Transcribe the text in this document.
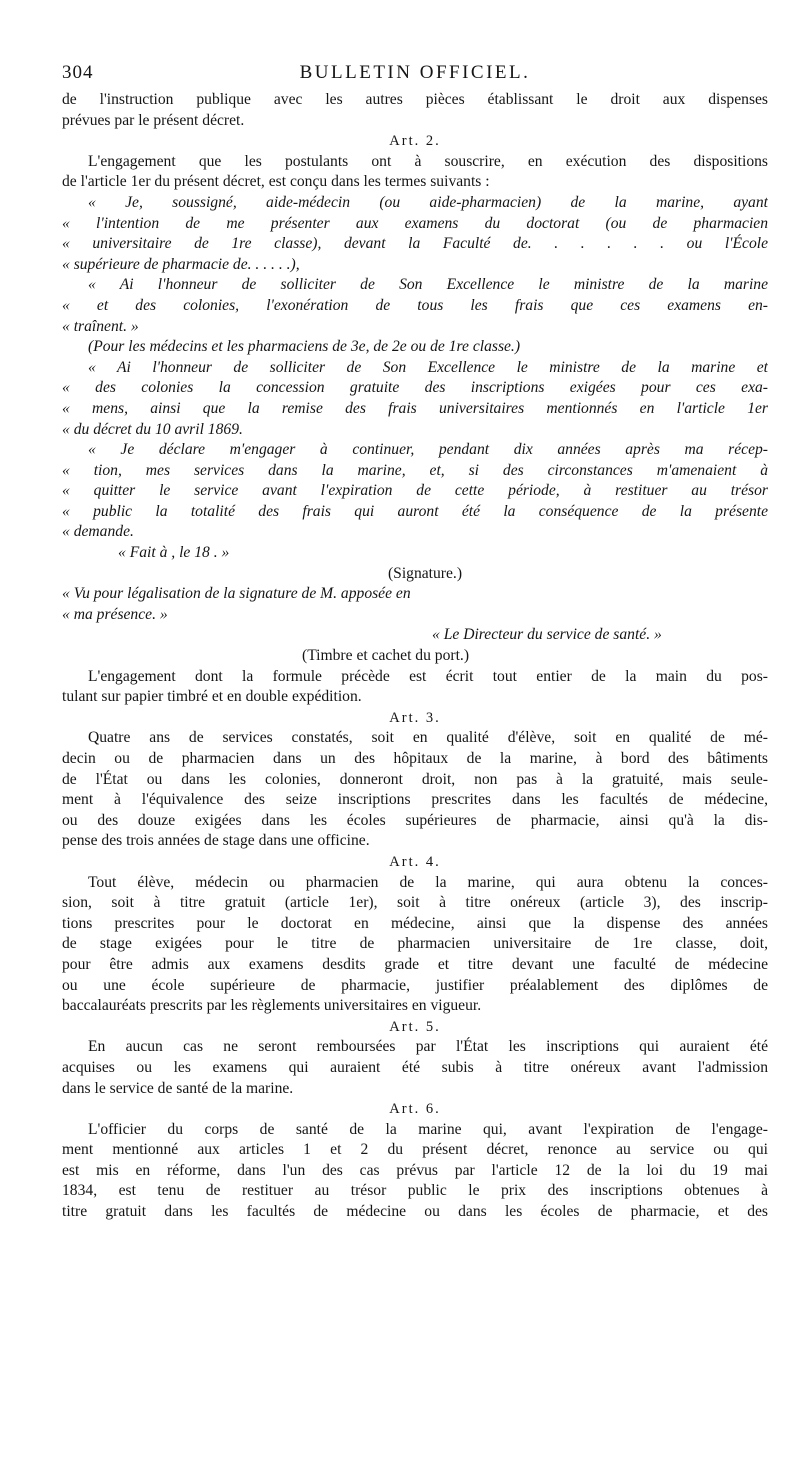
304	BULLETIN OFFICIEL.
de l'instruction publique avec les autres pièces établissant le droit aux dispenses
prévues par le présent décret.
Art. 2.
L'engagement que les postulants ont à souscrire, en exécution des dispositions
de l'article 1er du présent décret, est conçu dans les termes suivants :
« Je, soussigné, aide-médecin (ou aide-pharmacien) de la marine, ayant
« l'intention de me présenter aux examens du doctorat (ou de pharmacien
« universitaire de 1re classe), devant la Faculté de. . . . . . ou l'École
« supérieure de pharmacie de. . . . . .),
« Ai l'honneur de solliciter de Son Excellence le ministre de la marine
« et des colonies, l'exonération de tous les frais que ces examens en-
« traînent. »
(Pour les médecins et les pharmaciens de 3e, de 2e ou de 1re classe.)
« Ai l'honneur de solliciter de Son Excellence le ministre de la marine et
« des colonies la concession gratuite des inscriptions exigées pour ces exa-
« mens, ainsi que la remise des frais universitaires mentionnés en l'article 1er
« du décret du 10 avril 1869.
« Je déclare m'engager à continuer, pendant dix années après ma récep-
« tion, mes services dans la marine, et, si des circonstances m'amenaient à
« quitter le service avant l'expiration de cette période, à restituer au trésor
« public la totalité des frais qui auront été la conséquence de la présente
« demande.
« Fait à , le 18 . »
(Signature.)
« Vu pour légalisation de la signature de M. apposée en
« ma présence. »
« Le Directeur du service de santé. »
(Timbre et cachet du port.)
L'engagement dont la formule précède est écrit tout entier de la main du pos-
tulant sur papier timbré et en double expédition.
Art. 3.
Quatre ans de services constatés, soit en qualité d'élève, soit en qualité de mé-
decin ou de pharmacien dans un des hôpitaux de la marine, à bord des bâtiments
de l'État ou dans les colonies, donneront droit, non pas à la gratuité, mais seule-
ment à l'équivalence des seize inscriptions prescrites dans les facultés de médecine,
ou des douze exigées dans les écoles supérieures de pharmacie, ainsi qu'à la dis-
pense des trois années de stage dans une officine.
Art. 4.
Tout élève, médecin ou pharmacien de la marine, qui aura obtenu la conces-
sion, soit à titre gratuit (article 1er), soit à titre onéreux (article 3), des inscrip-
tions prescrites pour le doctorat en médecine, ainsi que la dispense des années
de stage exigées pour le titre de pharmacien universitaire de 1re classe, doit,
pour être admis aux examens desdits grade et titre devant une faculté de médecine
ou une école supérieure de pharmacie, justifier préalablement des diplômes de
baccalauréats prescrits par les règlements universitaires en vigueur.
Art. 5.
En aucun cas ne seront remboursées par l'État les inscriptions qui auraient été
acquises ou les examens qui auraient été subis à titre onéreux avant l'admission
dans le service de santé de la marine.
Art. 6.
L'officier du corps de santé de la marine qui, avant l'expiration de l'engage-
ment mentionné aux articles 1 et 2 du présent décret, renonce au service ou qui
est mis en réforme, dans l'un des cas prévus par l'article 12 de la loi du 19 mai
1834, est tenu de restituer au trésor public le prix des inscriptions obtenues à
titre gratuit dans les facultés de médecine ou dans les écoles de pharmacie, et des
